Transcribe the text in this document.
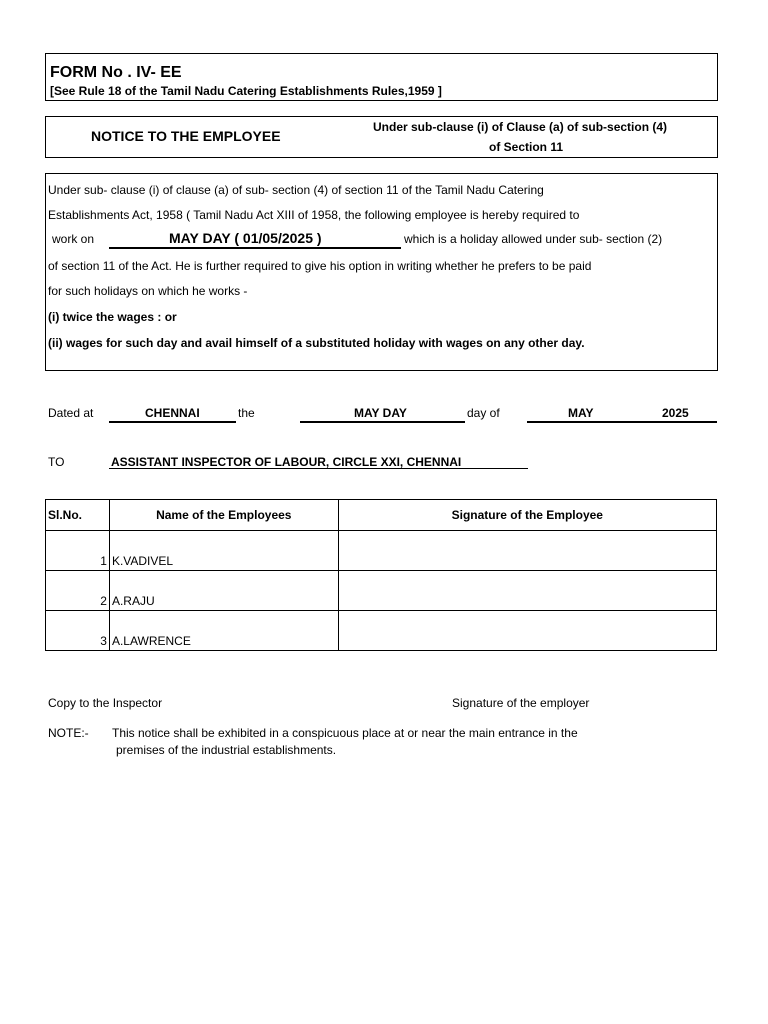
FORM No . IV- EE
[See Rule 18 of the Tamil Nadu Catering Establishments Rules,1959 ]
NOTICE TO THE EMPLOYEE
Under sub-clause (i) of Clause (a) of sub-section (4)
of Section 11
Under sub- clause (i) of clause (a) of sub- section (4) of section 11 of the Tamil Nadu Catering
Establishments Act, 1958 ( Tamil Nadu Act XIII of 1958, the following employee is hereby required to
work on	MAY DAY ( 01/05/2025 )	which is a holiday allowed under sub- section (2)
of section 11 of the Act. He is further required to give his option in writing whether he prefers to be paid
for such holidays on which he works -
(i) twice the wages : or
(ii) wages for such day and avail himself of a substituted holiday with wages on any other day.
Dated at	CHENNAI	the	MAY DAY	day of	MAY	2025
TO	ASSISTANT INSPECTOR OF LABOUR, CIRCLE XXI, CHENNAI
Sl.No.	Name of the Employees	Signature of the Employee
1	K.VADIVEL	
2	A.RAJU	
3	A.LAWRENCE	
Copy to the Inspector	Signature of the employer
NOTE:- This notice shall be exhibited in a conspicuous place at or near the main entrance in the
premises of the industrial establishments.
